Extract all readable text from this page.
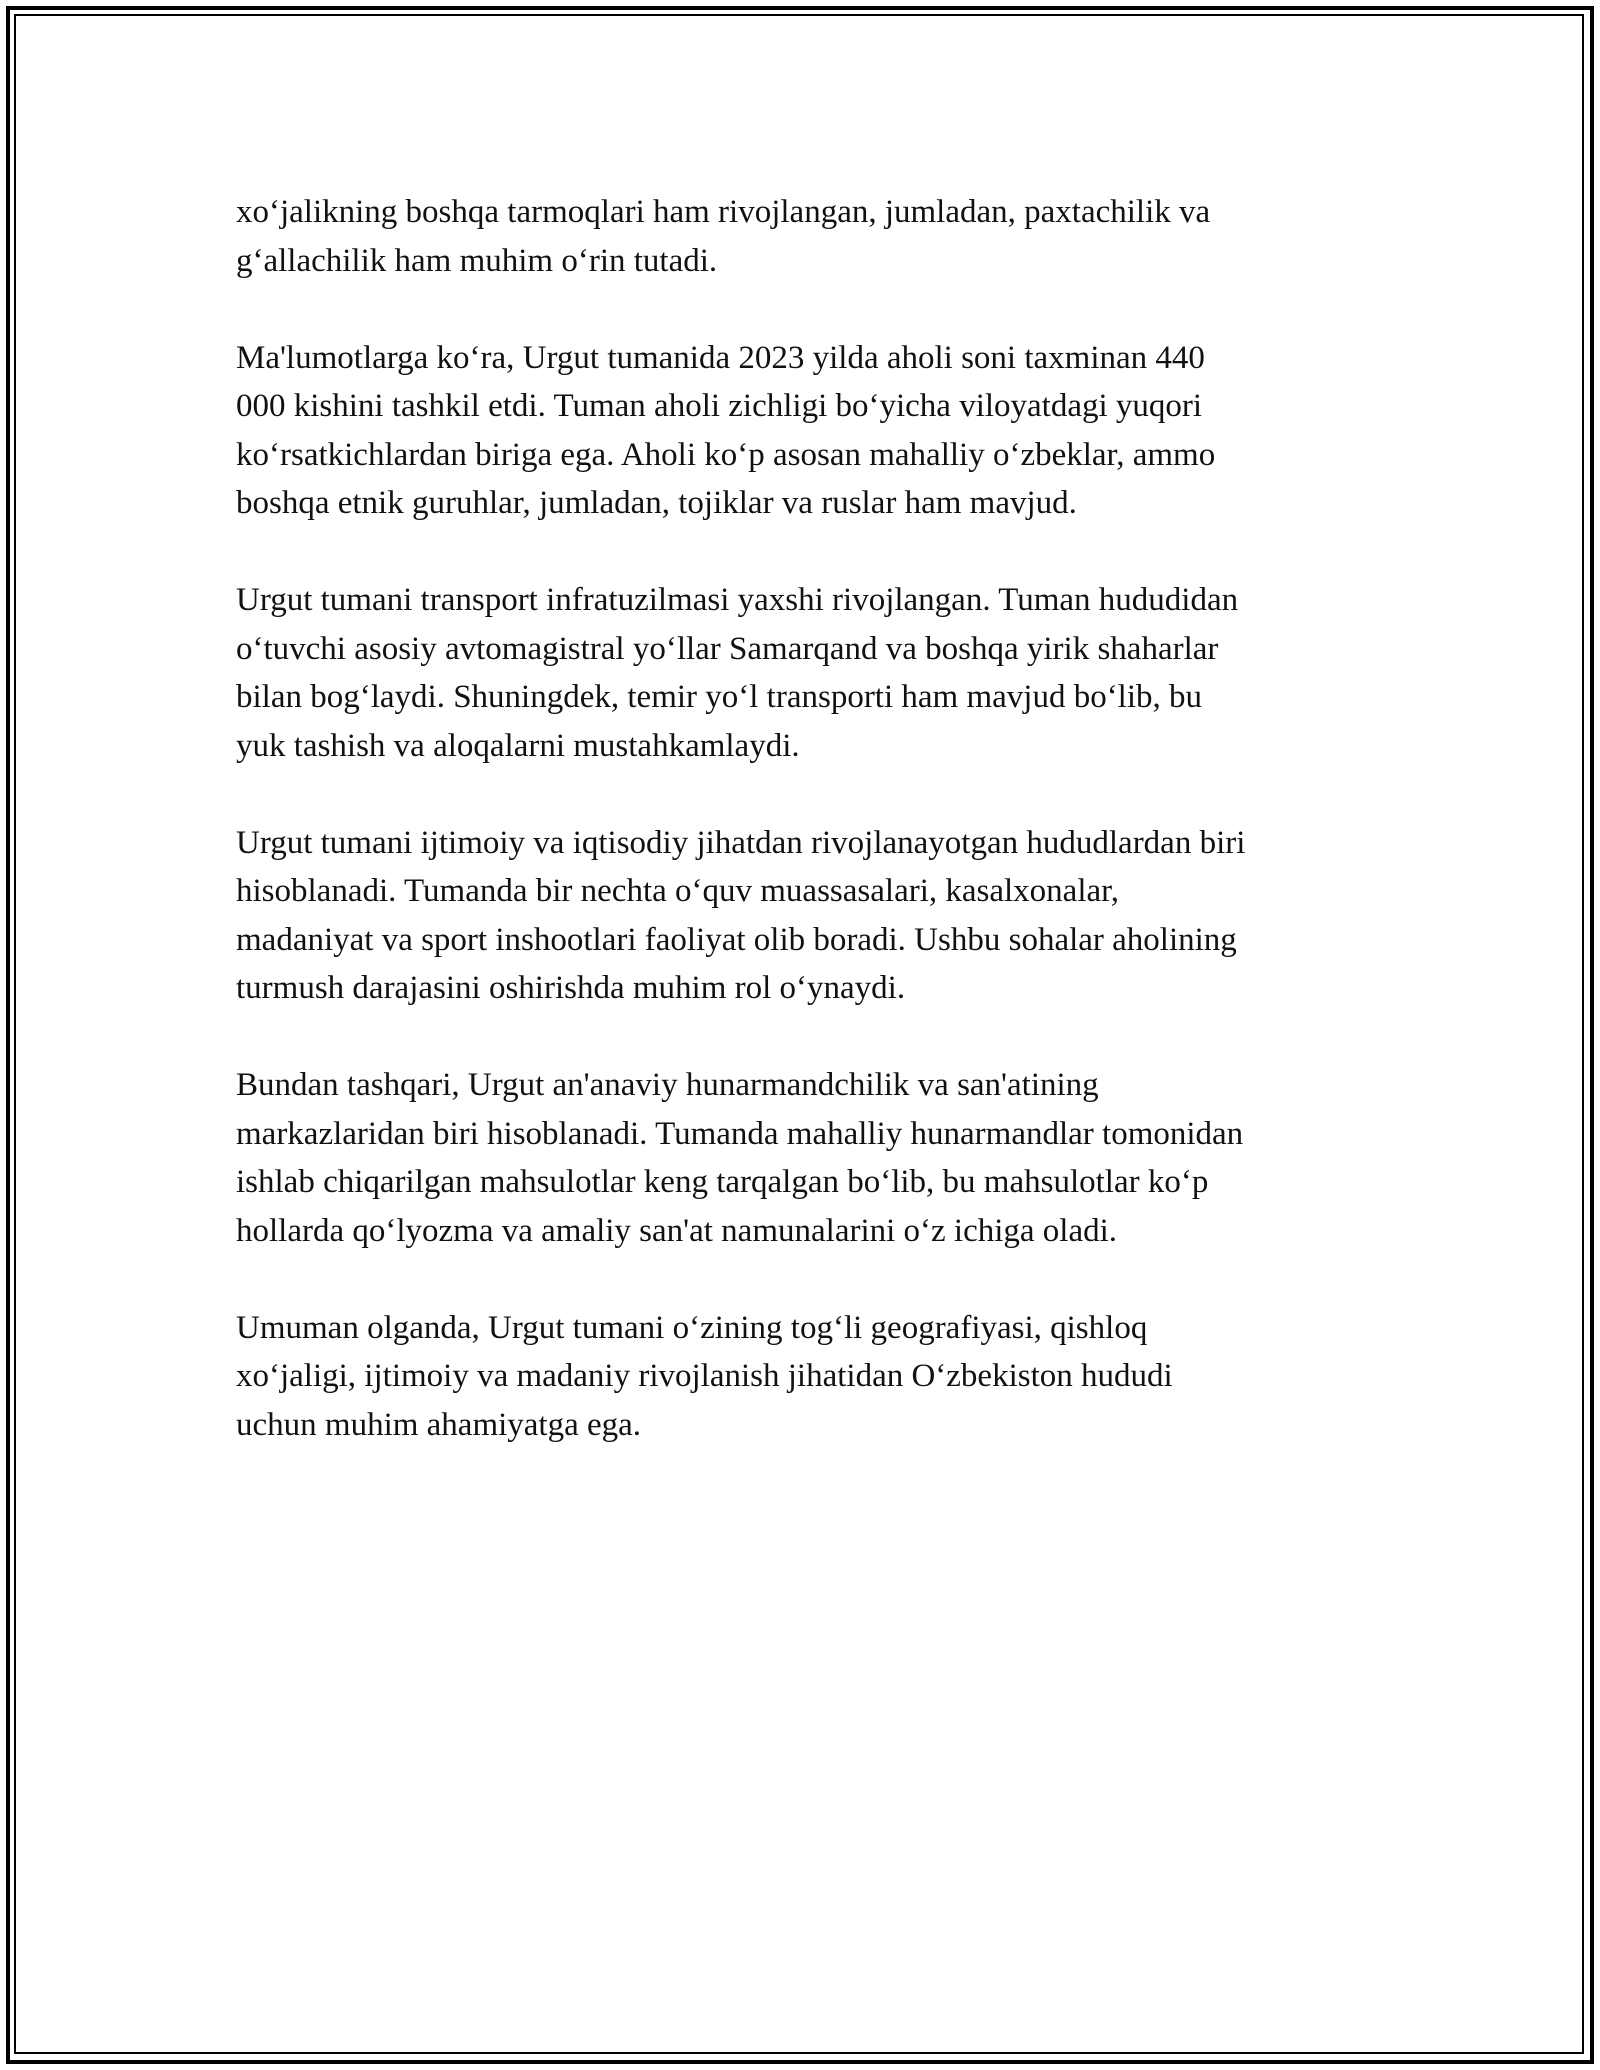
xo‘jalikning boshqa tarmoqlari ham rivojlangan, jumladan, paxtachilik va
g‘allachilik ham muhim o‘rin tutadi.

Ma'lumotlarga ko‘ra, Urgut tumanida 2023 yilda aholi soni taxminan 440
000 kishini tashkil etdi. Tuman aholi zichligi bo‘yicha viloyatdagi yuqori
ko‘rsatkichlardan biriga ega. Aholi ko‘p asosan mahalliy o‘zbeklar, ammo
boshqa etnik guruhlar, jumladan, tojiklar va ruslar ham mavjud.

Urgut tumani transport infratuzilmasi yaxshi rivojlangan. Tuman hududidan
o‘tuvchi asosiy avtomagistral yo‘llar Samarqand va boshqa yirik shaharlar
bilan bog‘laydi. Shuningdek, temir yo‘l transporti ham mavjud bo‘lib, bu
yuk tashish va aloqalarni mustahkamlaydi.

Urgut tumani ijtimoiy va iqtisodiy jihatdan rivojlanayotgan hududlardan biri
hisoblanadi. Tumanda bir nechta o‘quv muassasalari, kasalxonalar,
madaniyat va sport inshootlari faoliyat olib boradi. Ushbu sohalar aholining
turmush darajasini oshirishda muhim rol o‘ynaydi.

Bundan tashqari, Urgut an'anaviy hunarmandchilik va san'atining
markazlaridan biri hisoblanadi. Tumanda mahalliy hunarmandlar tomonidan
ishlab chiqarilgan mahsulotlar keng tarqalgan bo‘lib, bu mahsulotlar ko‘p
hollarda qo‘lyozma va amaliy san'at namunalarini o‘z ichiga oladi.

Umuman olganda, Urgut tumani o‘zining tog‘li geografiyasi, qishloq
xo‘jaligi, ijtimoiy va madaniy rivojlanish jihatidan O‘zbekiston hududi
uchun muhim ahamiyatga ega.
